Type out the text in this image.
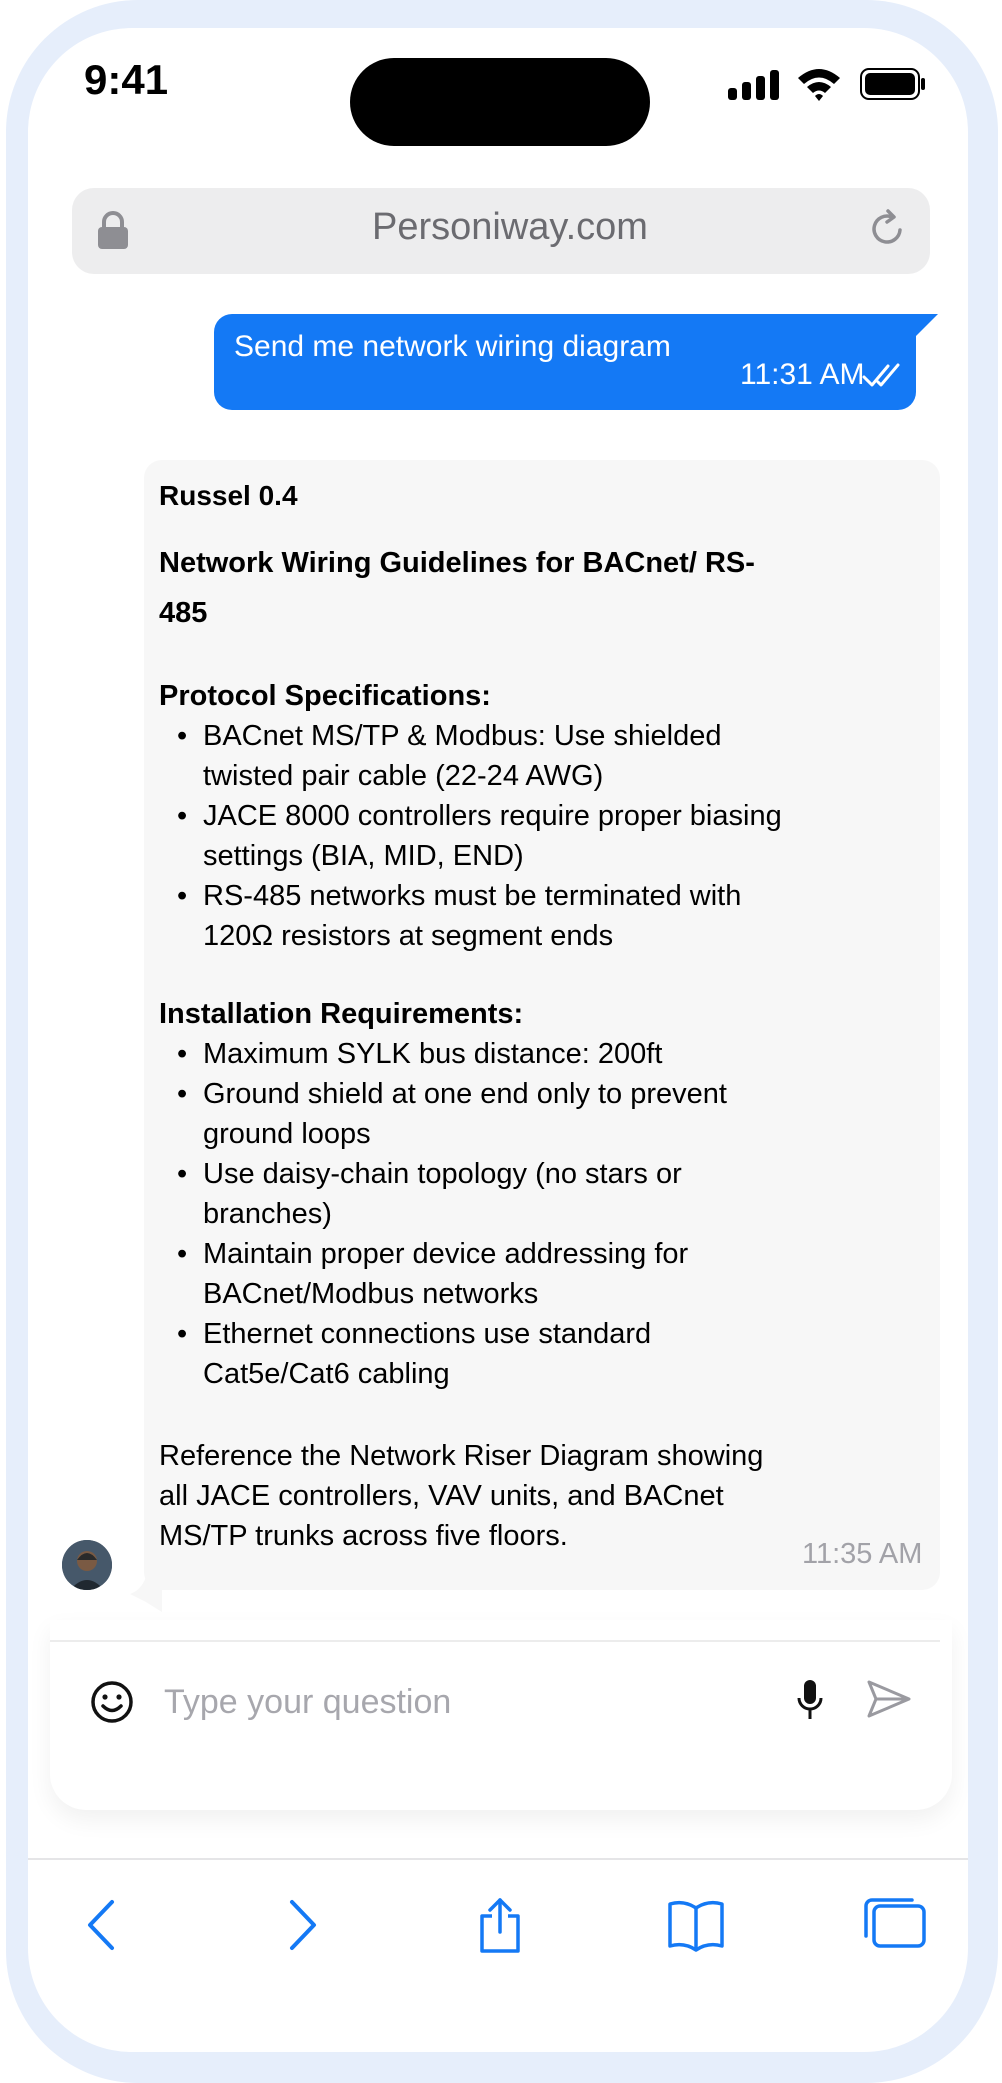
9:41
Personiway.com
Send me network wiring diagram
11:31 AM
Russel 0.4
Network Wiring Guidelines for BACnet/ RS-485
Protocol Specifications:
• BACnet MS/TP & Modbus: Use shielded twisted pair cable (22-24 AWG)
• JACE 8000 controllers require proper biasing settings (BIA, MID, END)
• RS-485 networks must be terminated with 120Ω resistors at segment ends
Installation Requirements:
• Maximum SYLK bus distance: 200ft
• Ground shield at one end only to prevent ground loops
• Use daisy-chain topology (no stars or branches)
• Maintain proper device addressing for BACnet/Modbus networks
• Ethernet connections use standard Cat5e/Cat6 cabling
Reference the Network Riser Diagram showing all JACE controllers, VAV units, and BACnet MS/TP trunks across five floors.
11:35 AM
Type your question
